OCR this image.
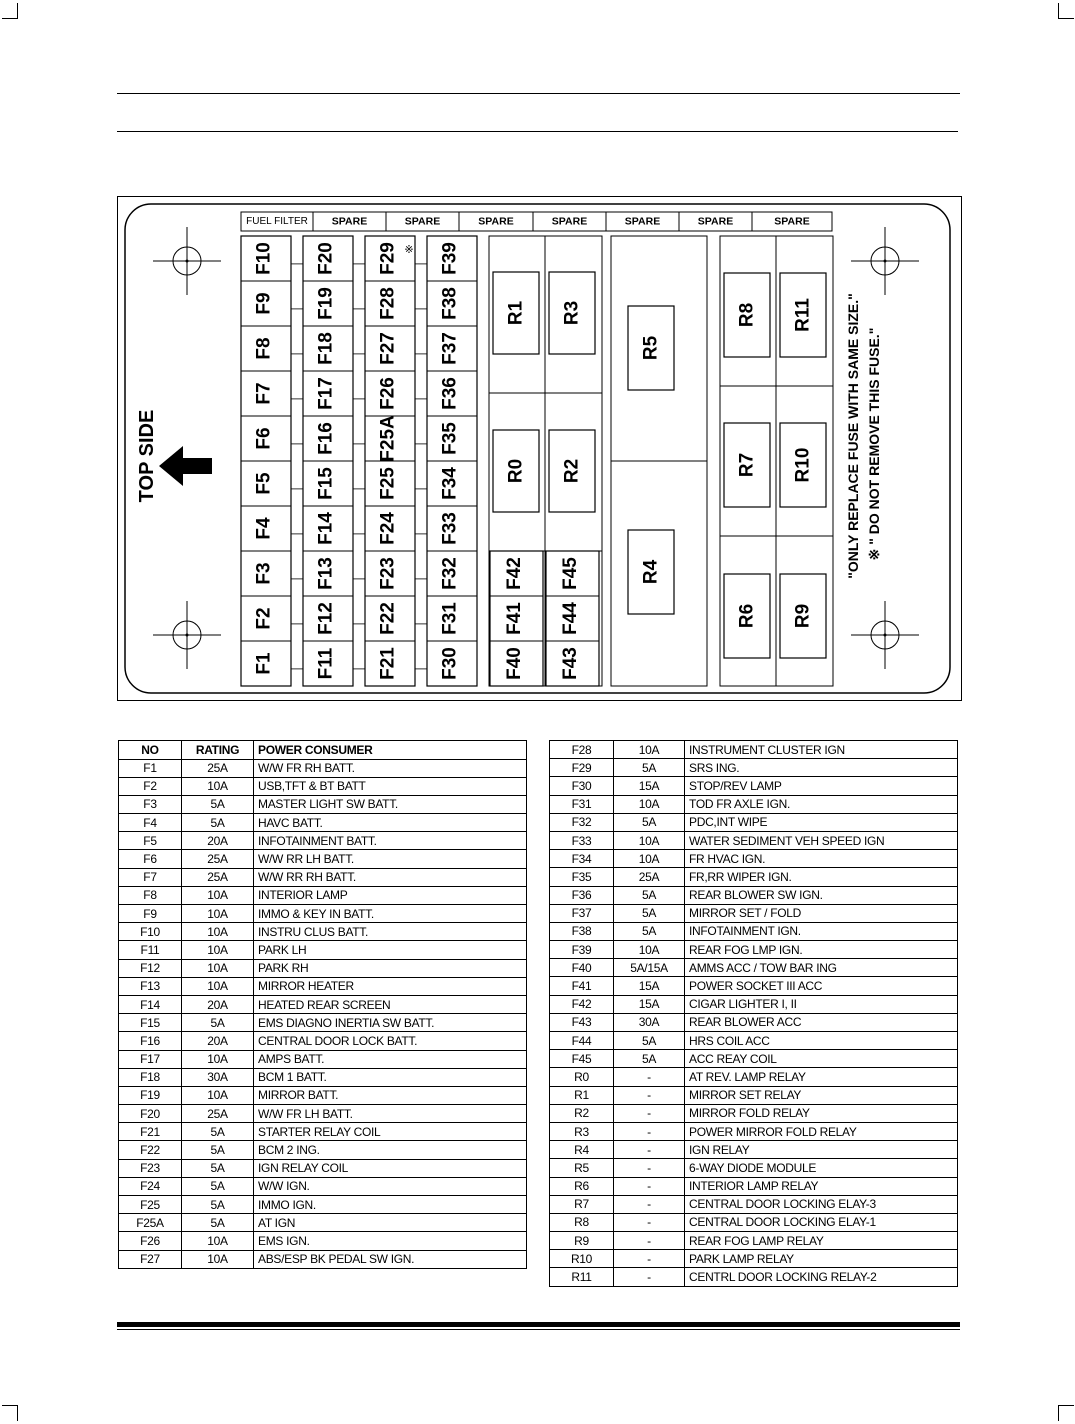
FUEL FILTER SPARE	SPARE	SPARE	SPARE	SPARE	SPARE	SPARE
TOP SIDE	"ONLY REPLACE FUSE WITH SAME SIZE." ※ " DO NOT REMOVE THIS FUSE."
F1
F2
F3
F4
F5
F6
F7
F8
F9
F10
F11
F12
F13
F14
F15
F16
F17
F18
F19
F20
F21
F22
F23
F24
F25
F25A
F26
F27
F28
F29
F30
F31
F32
F33
F34
F35
F36
F37
F38
F39
※
R1 R3
R0 R2
F40
F41
F42
F43
F44
F45
R5
R4
R8 R11
R7 R10
R6 R9
NO	RATING	POWER CONSUMER
F1	25A	W/W FR RH BATT.
F2	10A	USB,TFT & BT BATT
F3	5A	MASTER LIGHT SW BATT.
F4	5A	HAVC BATT.
F5	20A	INFOTAINMENT BATT.
F6	25A	W/W RR LH BATT.
F7	25A	W/W RR RH BATT.
F8	10A	INTERIOR LAMP
F9	10A	IMMO & KEY IN BATT.
F10	10A	INSTRU CLUS BATT.
F11	10A	PARK LH
F12	10A	PARK RH
F13	10A	MIRROR HEATER
F14	20A	HEATED REAR SCREEN
F15	5A	EMS DIAGNO INERTIA SW BATT.
F16	20A	CENTRAL DOOR LOCK BATT.
F17	10A	AMPS BATT.
F18	30A	BCM 1 BATT.
F19	10A	MIRROR BATT.
F20	25A	W/W FR LH BATT.
F21	5A	STARTER RELAY COIL
F22	5A	BCM 2 ING.
F23	5A	IGN RELAY COIL
F24	5A	W/W IGN.
F25	5A	IMMO IGN.
F25A	5A	AT IGN
F26	10A	EMS IGN.
F27	10A	ABS/ESP BK PEDAL SW IGN.
F28	10A	INSTRUMENT CLUSTER IGN
F29	5A	SRS ING.
F30	15A	STOP/REV LAMP
F31	10A	TOD FR AXLE IGN.
F32	5A	PDC,INT WIPE
F33	10A	WATER SEDIMENT VEH SPEED IGN
F34	10A	FR HVAC IGN.
F35	25A	FR,RR WIPER IGN.
F36	5A	REAR BLOWER SW IGN.
F37	5A	MIRROR SET / FOLD
F38	5A	INFOTAINMENT IGN.
F39	10A	REAR FOG LMP IGN.
F40	5A/15A	AMMS ACC / TOW BAR ING
F41	15A	POWER SOCKET III ACC
F42	15A	CIGAR LIGHTER I, II
F43	30A	REAR BLOWER ACC
F44	5A	HRS COIL ACC
F45	5A	ACC REAY COIL
R0	-	AT REV. LAMP RELAY
R1	-	MIRROR SET RELAY
R2	-	MIRROR FOLD RELAY
R3	-	POWER MIRROR FOLD RELAY
R4	-	IGN RELAY
R5	-	6-WAY DIODE MODULE
R6	-	INTERIOR LAMP RELAY
R7	-	CENTRAL DOOR LOCKING ELAY-3
R8	-	CENTRAL DOOR LOCKING ELAY-1
R9	-	REAR FOG LAMP RELAY
R10	-	PARK LAMP RELAY
R11	-	CENTRL DOOR LOCKING RELAY-2
